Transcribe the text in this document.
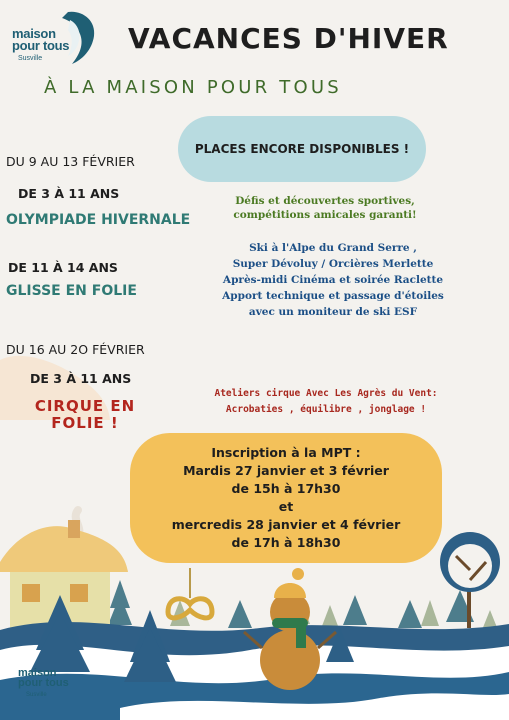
maison
pour tous
Susville
VACANCES D'HIVER
À LA MAISON POUR TOUS
PLACES ENCORE DISPONIBLES !
DU 9 AU 13 FÉVRIER
DE 3 À 11 ANS
OLYMPIADE HIVERNALE
Défis et découvertes sportives,
compétitions amicales garanti!
DE 11 À 14 ANS
GLISSE EN FOLIE
Ski à l'Alpe du Grand Serre ,
Super Dévoluy / Orcières Merlette
Après-midi Cinéma et soirée Raclette
Apport technique et passage d'étoiles
avec un moniteur de ski ESF
DU 16 AU 2O FÉVRIER
DE 3 À 11 ANS
CIRQUE EN
FOLIE !
Ateliers cirque Avec Les Agrès du Vent:
Acrobaties , équilibre , jonglage !
Inscription à la MPT :
Mardis 27 janvier et 3 février
de 15h à 17h30
et
mercredis 28 janvier et 4 février
de 17h à 18h30
maison
pour tous
Susville
